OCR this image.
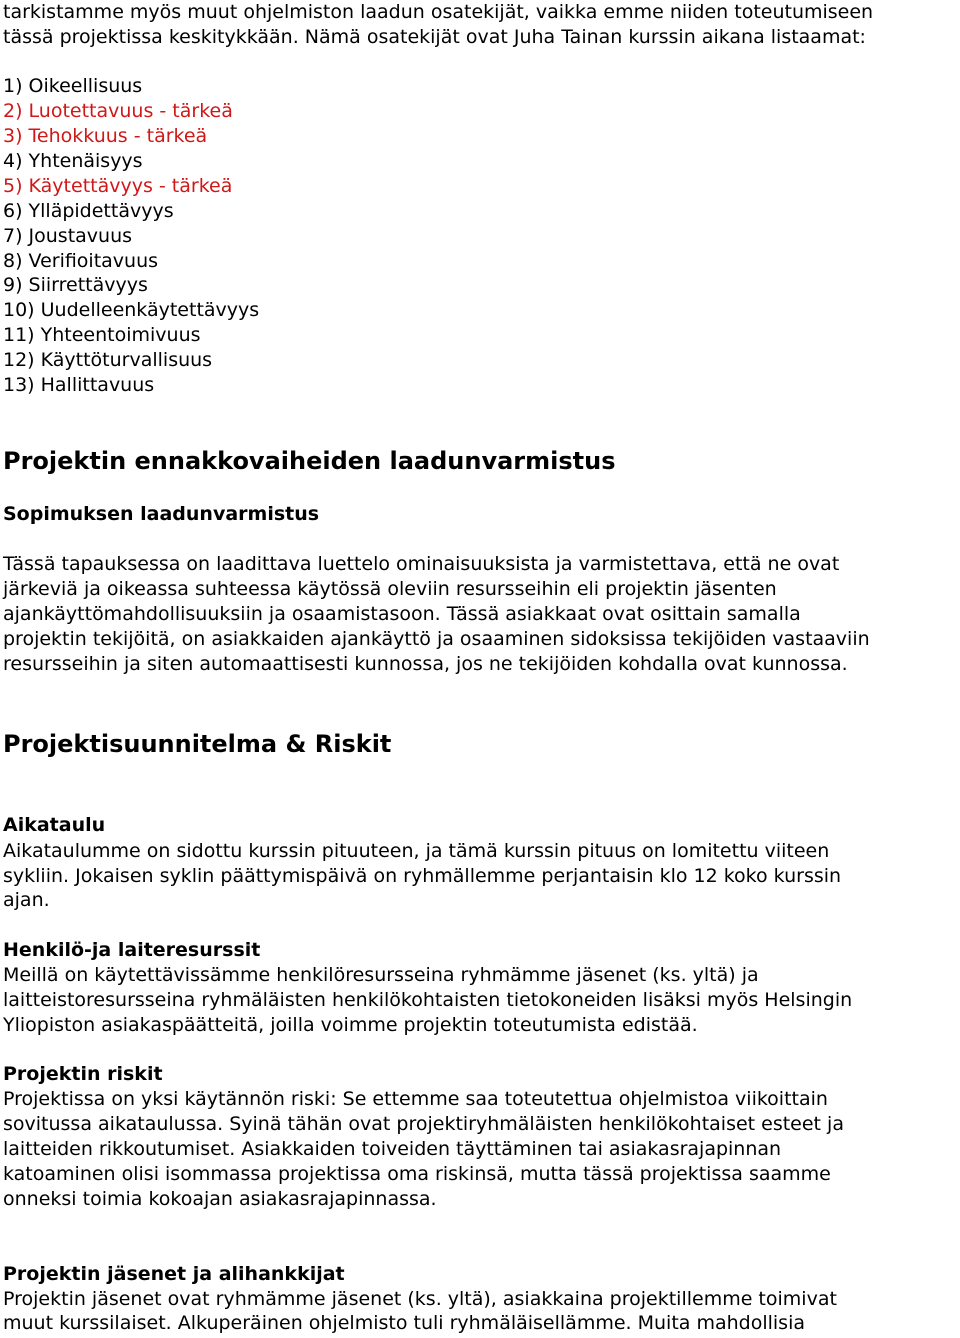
tarkistamme myös muut ohjelmiston laadun osatekijät, vaikka emme niiden toteutumiseen
tässä projektissa keskitykkään. Nämä osatekijät ovat Juha Tainan kurssin aikana listaamat:
1) Oikeellisuus
2) Luotettavuus - tärkeä
3) Tehokkuus - tärkeä
4) Yhtenäisyys
5) Käytettävyys - tärkeä
6) Ylläpidettävyys
7) Joustavuus
8) Verifioitavuus
9) Siirrettävyys
10) Uudelleenkäytettävyys
11) Yhteentoimivuus
12) Käyttöturvallisuus
13) Hallittavuus
Projektin ennakkovaiheiden laadunvarmistus
Sopimuksen laadunvarmistus
Tässä tapauksessa on laadittava luettelo ominaisuuksista ja varmistettava, että ne ovat
järkeviä ja oikeassa suhteessa käytössä oleviin resursseihin eli projektin jäsenten
ajankäyttömahdollisuuksiin ja osaamistasoon. Tässä asiakkaat ovat osittain samalla
projektin tekijöitä, on asiakkaiden ajankäyttö ja osaaminen sidoksissa tekijöiden vastaaviin
resursseihin ja siten automaattisesti kunnossa, jos ne tekijöiden kohdalla ovat kunnossa.
Projektisuunnitelma & Riskit
Aikataulu
Aikataulumme on sidottu kurssin pituuteen, ja tämä kurssin pituus on lomitettu viiteen
sykliin. Jokaisen syklin päättymispäivä on ryhmällemme perjantaisin klo 12 koko kurssin
ajan.
Henkilö-ja laiteresurssit
Meillä on käytettävissämme henkilöresursseina ryhmämme jäsenet (ks. yltä) ja
laitteistoresursseina ryhmäläisten henkilökohtaisten tietokoneiden lisäksi myös Helsingin
Yliopiston asiakaspäätteitä, joilla voimme projektin toteutumista edistää.
Projektin riskit
Projektissa on yksi käytännön riski: Se ettemme saa toteutettua ohjelmistoa viikoittain
sovitussa aikataulussa. Syinä tähän ovat projektiryhmäläisten henkilökohtaiset esteet ja
laitteiden rikkoutumiset. Asiakkaiden toiveiden täyttäminen tai asiakasrajapinnan
katoaminen olisi isommassa projektissa oma riskinsä, mutta tässä projektissa saamme
onneksi toimia kokoajan asiakasrajapinnassa.
Projektin jäsenet ja alihankkijat
Projektin jäsenet ovat ryhmämme jäsenet (ks. yltä), asiakkaina projektillemme toimivat
muut kurssilaiset. Alkuperäinen ohjelmisto tuli ryhmäläisellämme. Muita mahdollisia
